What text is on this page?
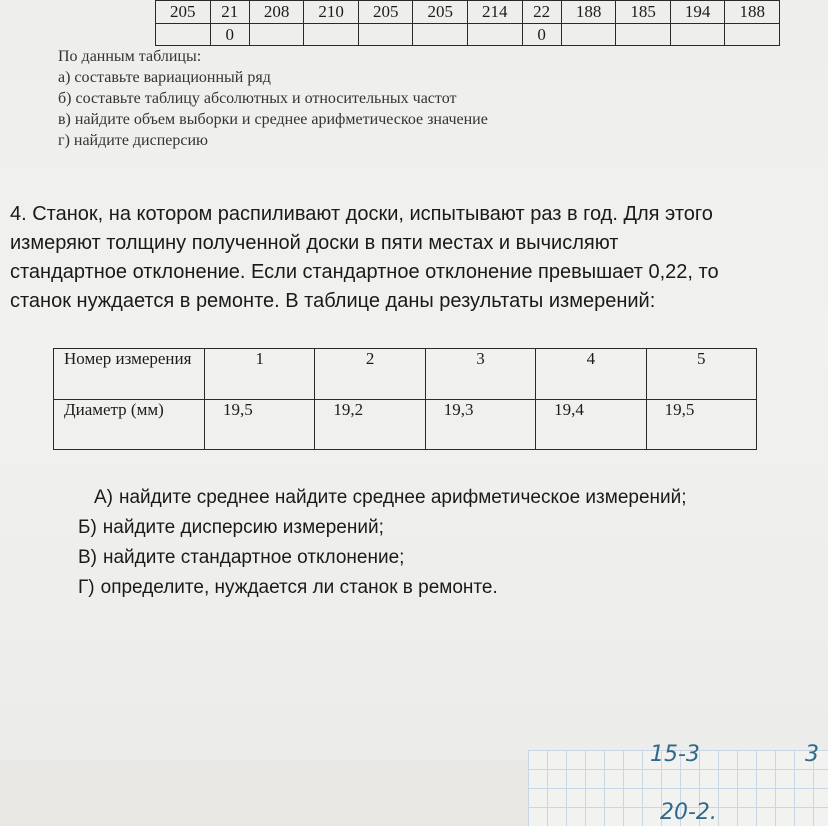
205	21	208	210	205	205	214	22	188	185	194	188
	0						0				
По данным таблицы:
а) составьте вариационный ряд
б) составьте таблицу абсолютных и относительных частот
в) найдите объем выборки и среднее арифметическое значение
г) найдите дисперсию
4. Станок, на котором распиливают доски, испытывают раз в год. Для этого
измеряют толщину полученной доски в пяти местах и вычисляют
стандартное отклонение. Если стандартное отклонение превышает 0,22, то
станок нуждается в ремонте. В таблице даны результаты измерений:
Номер измерения	1	2	3	4	5
Диаметр (мм)	19,5	19,2	19,3	19,4	19,5
А) найдите среднее найдите среднее арифметическое измерений;
Б) найдите дисперсию измерений;
В) найдите стандартное отклонение;
Г) определите, нуждается ли станок в ремонте.
15-3	3
20-2.
